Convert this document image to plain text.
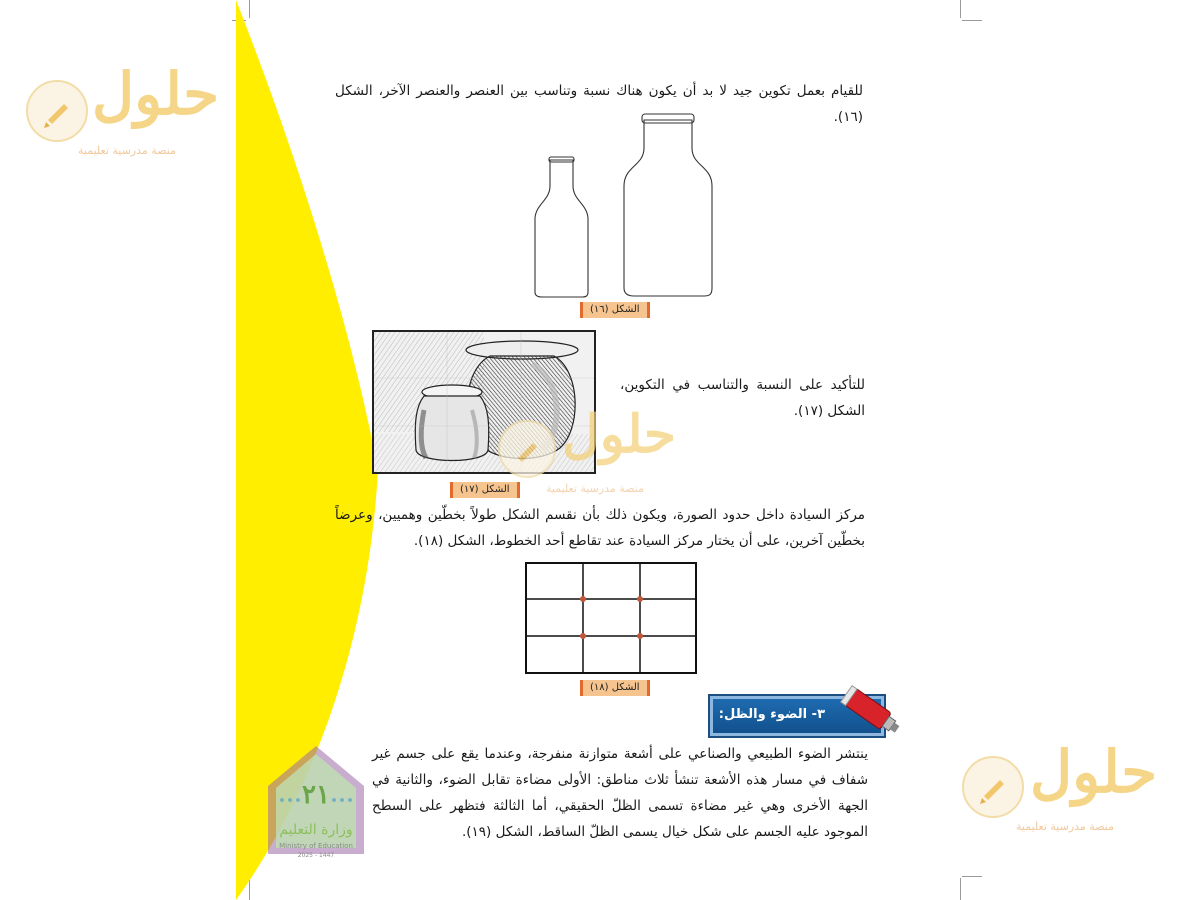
حلول
منصة مدرسية تعليمية
حلول
منصة مدرسية تعليمية
للقيام بعمل تكوين جيد لا بد أن يكون هناك نسبة وتناسب بين العنصر والعنصر الآخر، الشكل (١٦).
الشكل (١٦)
الشكل (١٧)
حلول
منصة مدرسية تعليمية
للتأكيد على النسبة والتناسب في التكوين، الشكل (١٧).
مركز السيادة داخل حدود الصورة، ويكون ذلك بأن نقسم الشكل طولاً بخطّين وهميين، وعرضاً بخطّين آخرين، على أن يختار مركز السيادة عند تقاطع أحد الخطوط، الشكل (١٨).
الشكل (١٨)
٣- الضوء والظل:
ينتشر الضوء الطبيعي والصناعي على أشعة متوازنة منفرجة، وعندما يقع على جسم غير شفاف في مسار هذه الأشعة تنشأ ثلاث مناطق: الأولى مضاءة تقابل الضوء، والثانية في الجهة الأخرى وهي غير مضاءة تسمى الظلّ الحقيقي، أما الثالثة فتظهر على السطح الموجود عليه الجسم على شكل خيال يسمى الظلّ الساقط، الشكل (١٩).
٢١
وزارة التعليم
Ministry of Education
2025 - 1447
